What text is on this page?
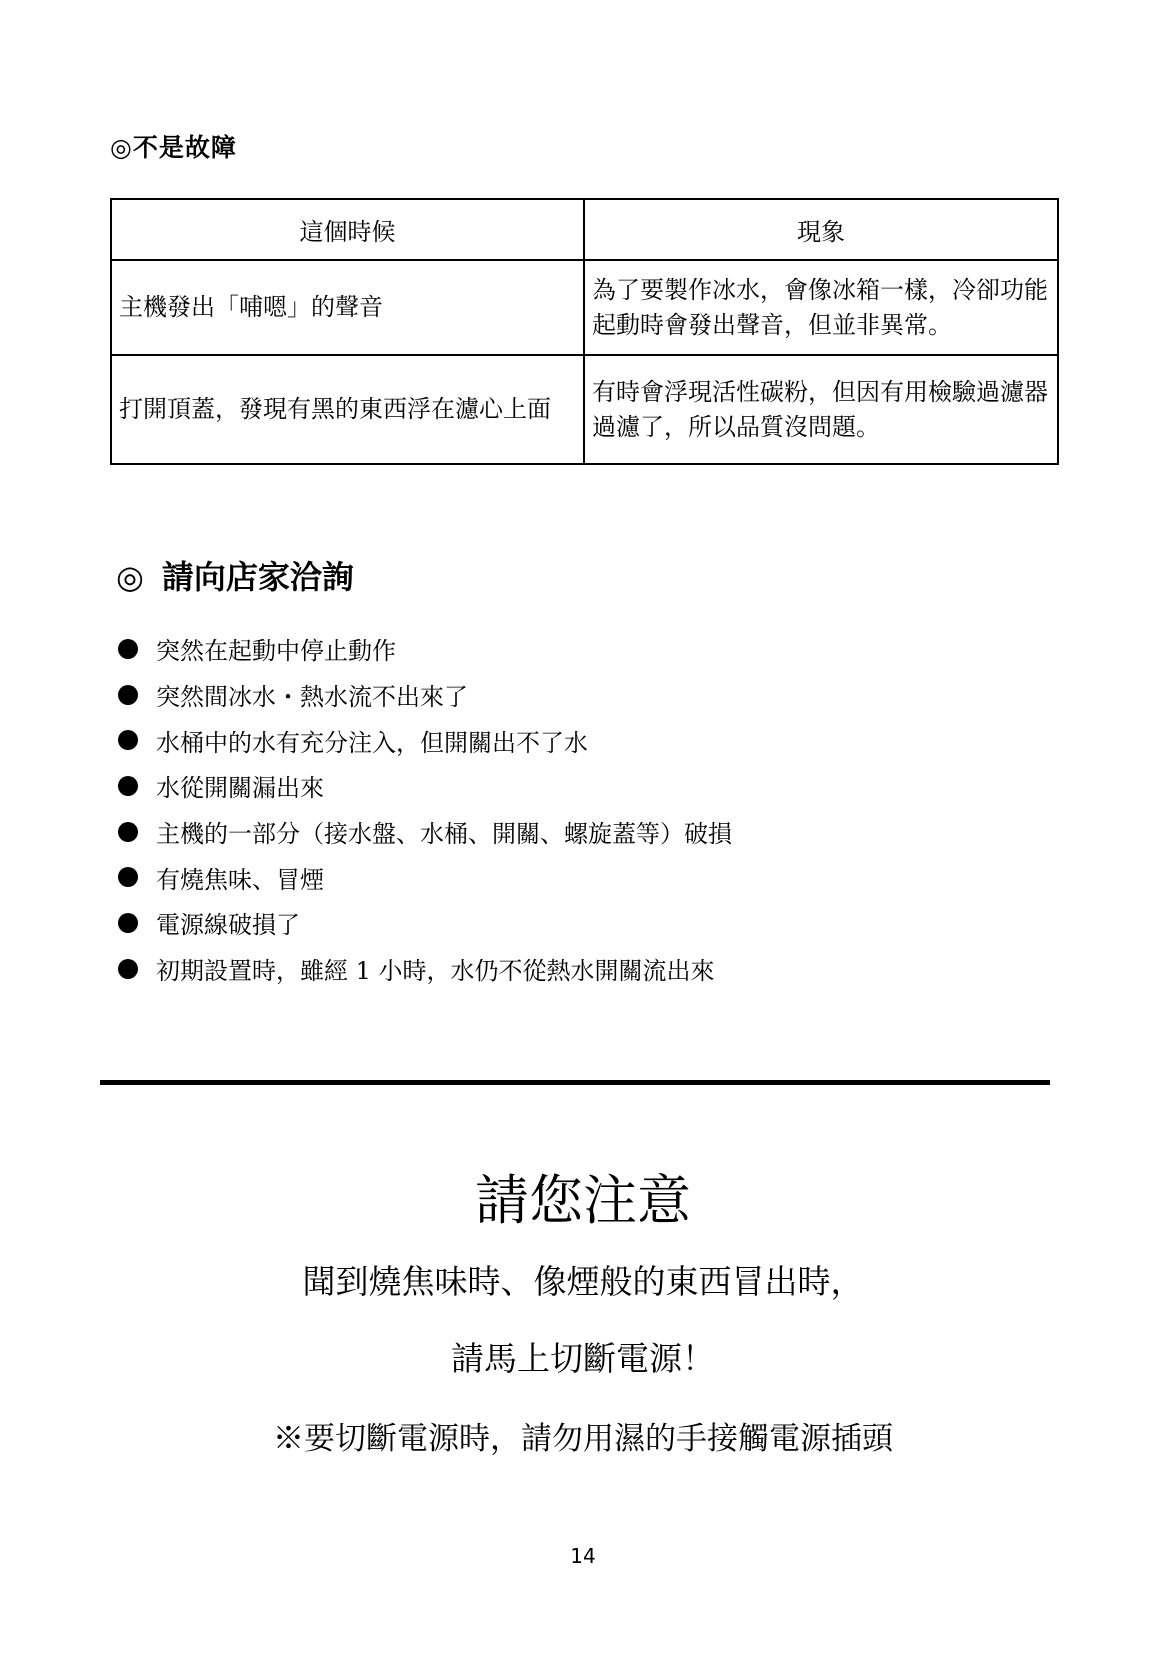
◎不是故障
這個時候	現象
主機發出「哺嗯」的聲音	為了要製作冰水，會像冰箱一樣，冷卻功能起動時會發出聲音，但並非異常。
打開頂蓋，發現有黑的東西浮在濾心上面	有時會浮現活性碳粉，但因有用檢驗過濾器過濾了，所以品質沒問題。
◎ 請向店家洽詢
突然在起動中停止動作
突然間冰水・熱水流不出來了
水桶中的水有充分注入，但開關出不了水
水從開關漏出來
主機的一部分（接水盤、水桶、開關、螺旋蓋等）破損
有燒焦味、冒煙
電源線破損了
初期設置時，雖經 1 小時，水仍不從熱水開關流出來
請您注意
聞到燒焦味時、像煙般的東西冒出時，
請馬上切斷電源！
※要切斷電源時，請勿用濕的手接觸電源插頭
14
